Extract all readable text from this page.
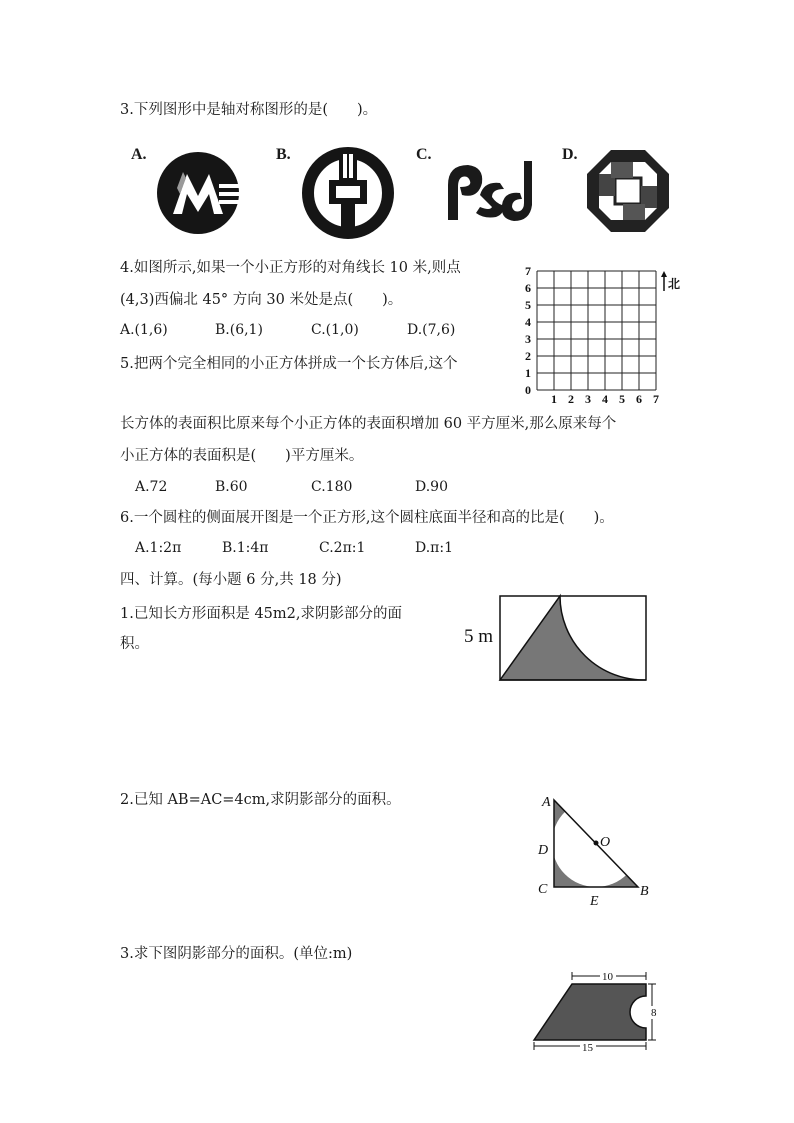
3.下列图形中是轴对称图形的是(　　)。
A.	B.	C.	D.
4.如图所示,如果一个小正方形的对角线长 10 米,则点
(4,3)西偏北 45° 方向 30 米处是点(　　)。
A.(1,6)	B.(6,1)	C.(1,0)	D.(7,6)
0
1
2
3
4
5
6
7
1 2 3 4 5 6 7
北
5.把两个完全相同的小正方体拼成一个长方体后,这个
长方体的表面积比原来每个小正方体的表面积增加 60 平方厘米,那么原来每个
小正方体的表面积是(　　)平方厘米。
A.72	B.60	C.180	D.90
6.一个圆柱的侧面展开图是一个正方形,这个圆柱底面半径和高的比是(　　)。
A.1:2π	B.1:4π	C.2π:1	D.π:1
四、计算。(每小题 6 分,共 18 分)
1.已知长方形面积是 45m2,求阴影部分的面
积。	5 m
2.已知 AB=AC=4cm,求阴影部分的面积。	A
D
O
C
E
B
3.求下图阴影部分的面积。(单位:m)
10
8
15
